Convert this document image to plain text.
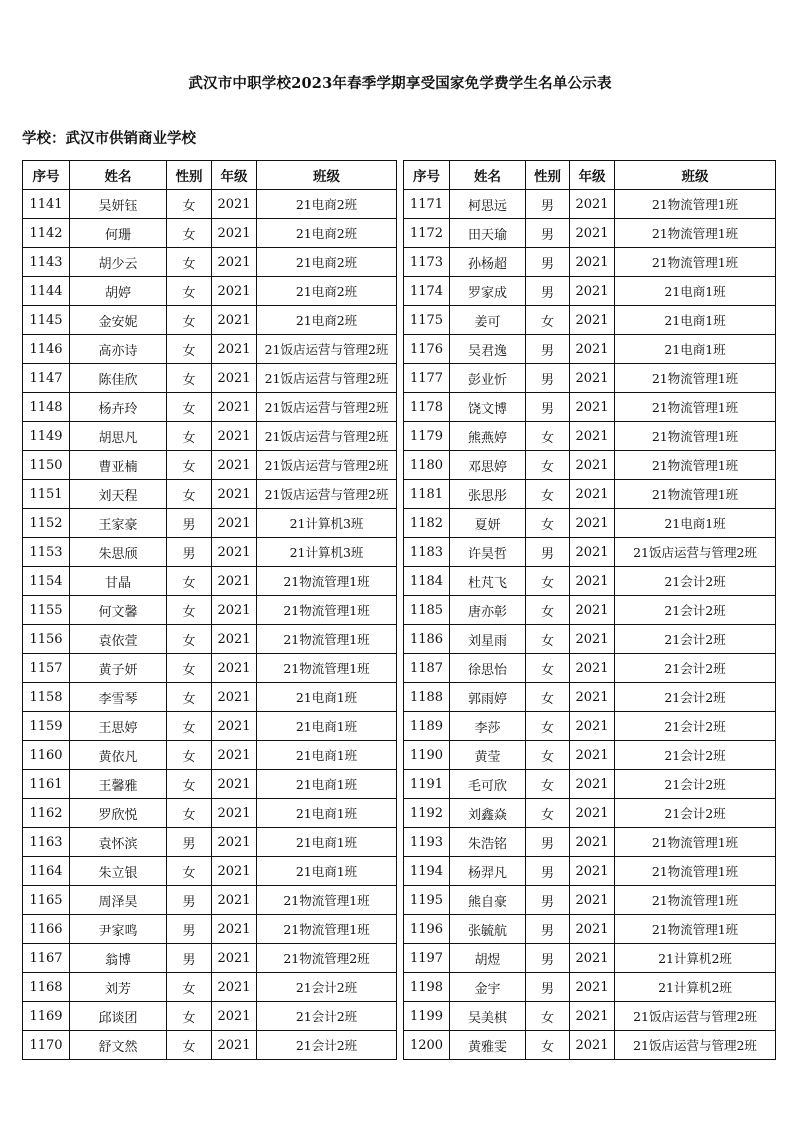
武汉市中职学校2023年春季学期享受国家免学费学生名单公示表
学校：武汉市供销商业学校
序号	姓名	性别	年级	班级
1141	吴妍钰	女	2021	21电商2班
1142	何珊	女	2021	21电商2班
1143	胡少云	女	2021	21电商2班
1144	胡婷	女	2021	21电商2班
1145	金安妮	女	2021	21电商2班
1146	高亦诗	女	2021	21饭店运营与管理2班
1147	陈佳欣	女	2021	21饭店运营与管理2班
1148	杨卉玲	女	2021	21饭店运营与管理2班
1149	胡思凡	女	2021	21饭店运营与管理2班
1150	曹亚楠	女	2021	21饭店运营与管理2班
1151	刘天程	女	2021	21饭店运营与管理2班
1152	王家豪	男	2021	21计算机3班
1153	朱思颀	男	2021	21计算机3班
1154	甘晶	女	2021	21物流管理1班
1155	何文馨	女	2021	21物流管理1班
1156	袁依萱	女	2021	21物流管理1班
1157	黄子妍	女	2021	21物流管理1班
1158	李雪琴	女	2021	21电商1班
1159	王思婷	女	2021	21电商1班
1160	黄依凡	女	2021	21电商1班
1161	王馨雅	女	2021	21电商1班
1162	罗欣悦	女	2021	21电商1班
1163	袁怀滨	男	2021	21电商1班
1164	朱立银	女	2021	21电商1班
1165	周泽昊	男	2021	21物流管理1班
1166	尹家鸣	男	2021	21物流管理1班
1167	翁博	男	2021	21物流管理2班
1168	刘芳	女	2021	21会计2班
1169	邱谈团	女	2021	21会计2班
1170	舒文然	女	2021	21会计2班
序号	姓名	性别	年级	班级
1171	柯思远	男	2021	21物流管理1班
1172	田天瑜	男	2021	21物流管理1班
1173	孙杨超	男	2021	21物流管理1班
1174	罗家成	男	2021	21电商1班
1175	姜可	女	2021	21电商1班
1176	吴君逸	男	2021	21电商1班
1177	彭业忻	男	2021	21物流管理1班
1178	饶文博	男	2021	21物流管理1班
1179	熊燕婷	女	2021	21物流管理1班
1180	邓思婷	女	2021	21物流管理1班
1181	张思彤	女	2021	21物流管理1班
1182	夏妍	女	2021	21电商1班
1183	许昊哲	男	2021	21饭店运营与管理2班
1184	杜芃飞	女	2021	21会计2班
1185	唐亦彰	女	2021	21会计2班
1186	刘星雨	女	2021	21会计2班
1187	徐思怡	女	2021	21会计2班
1188	郭雨婷	女	2021	21会计2班
1189	李莎	女	2021	21会计2班
1190	黄莹	女	2021	21会计2班
1191	毛可欣	女	2021	21会计2班
1192	刘鑫焱	女	2021	21会计2班
1193	朱浩铭	男	2021	21物流管理1班
1194	杨羿凡	男	2021	21物流管理1班
1195	熊自豪	男	2021	21物流管理1班
1196	张毓航	男	2021	21物流管理1班
1197	胡煜	男	2021	21计算机2班
1198	金宇	男	2021	21计算机2班
1199	吴美棋	女	2021	21饭店运营与管理2班
1200	黄雅雯	女	2021	21饭店运营与管理2班
